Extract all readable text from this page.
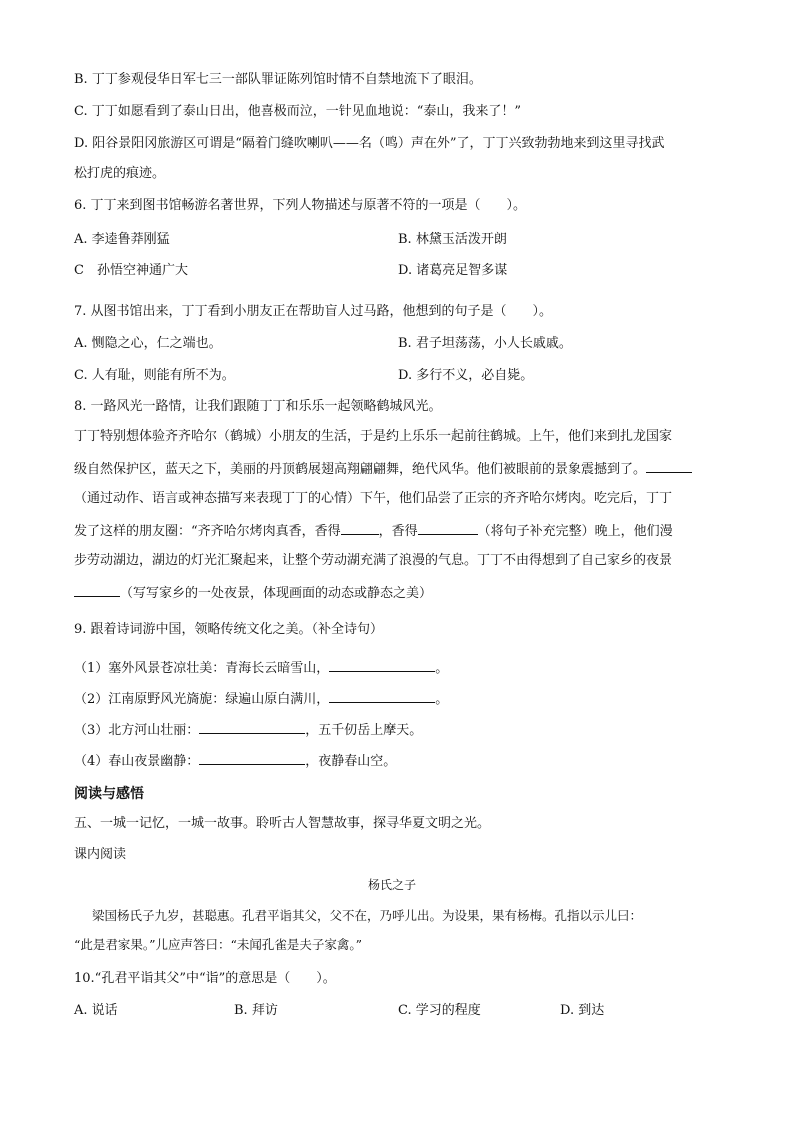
B. 丁丁参观侵华日军七三一部队罪证陈列馆时情不自禁地流下了眼泪。
C. 丁丁如愿看到了泰山日出，他喜极而泣，一针见血地说：“泰山，我来了！”
D. 阳谷景阳冈旅游区可谓是“隔着门缝吹喇叭——名（鸣）声在外”了，丁丁兴致勃勃地来到这里寻找武
松打虎的痕迹。
6. 丁丁来到图书馆畅游名著世界，下列人物描述与原著不符的一项是（　　）。
A. 李逵鲁莽刚猛	B. 林黛玉活泼开朗
C　孙悟空神通广大	D. 诸葛亮足智多谋
7. 从图书馆出来，丁丁看到小朋友正在帮助盲人过马路，他想到的句子是（　　）。
A. 恻隐之心，仁之端也。	B. 君子坦荡荡，小人长戚戚。
C. 人有耻，则能有所不为。	D. 多行不义，必自毙。
8. 一路风光一路情，让我们跟随丁丁和乐乐一起领略鹤城风光。
丁丁特别想体验齐齐哈尔（鹤城）小朋友的生活，于是约上乐乐一起前往鹤城。上午，他们来到扎龙国家
级自然保护区，蓝天之下，美丽的丹顶鹤展翅高翔翩翩舞，绝代风华。他们被眼前的景象震撼到了。
（通过动作、语言或神态描写来表现丁丁的心情）下午，他们品尝了正宗的齐齐哈尔烤肉。吃完后，丁丁
发了这样的朋友圈：“齐齐哈尔烤肉真香，香得	，香得	（将句子补充完整）晚上，他们漫
步劳动湖边，湖边的灯光汇聚起来，让整个劳动湖充满了浪漫的气息。丁丁不由得想到了自己家乡的夜景
（写写家乡的一处夜景，体现画面的动态或静态之美）
9. 跟着诗词游中国，领略传统文化之美。（补全诗句）
（1）塞外风景苍凉壮美：青海长云暗雪山，	。
（2）江南原野风光旖旎：绿遍山原白满川，	。
（3）北方河山壮丽：	，五千仞岳上摩天。
（4）春山夜景幽静：	，夜静春山空。
阅读与感悟
五、一城一记忆，一城一故事。聆听古人智慧故事，探寻华夏文明之光。
课内阅读
杨氏之子
梁国杨氏子九岁，甚聪惠。孔君平诣其父，父不在，乃呼儿出。为设果，果有杨梅。孔指以示儿曰：
“此是君家果。”儿应声答曰：“未闻孔雀是夫子家禽。”
10.“孔君平诣其父”中“诣”的意思是（　　）。
A. 说话	B. 拜访	C. 学习的程度	D. 到达
